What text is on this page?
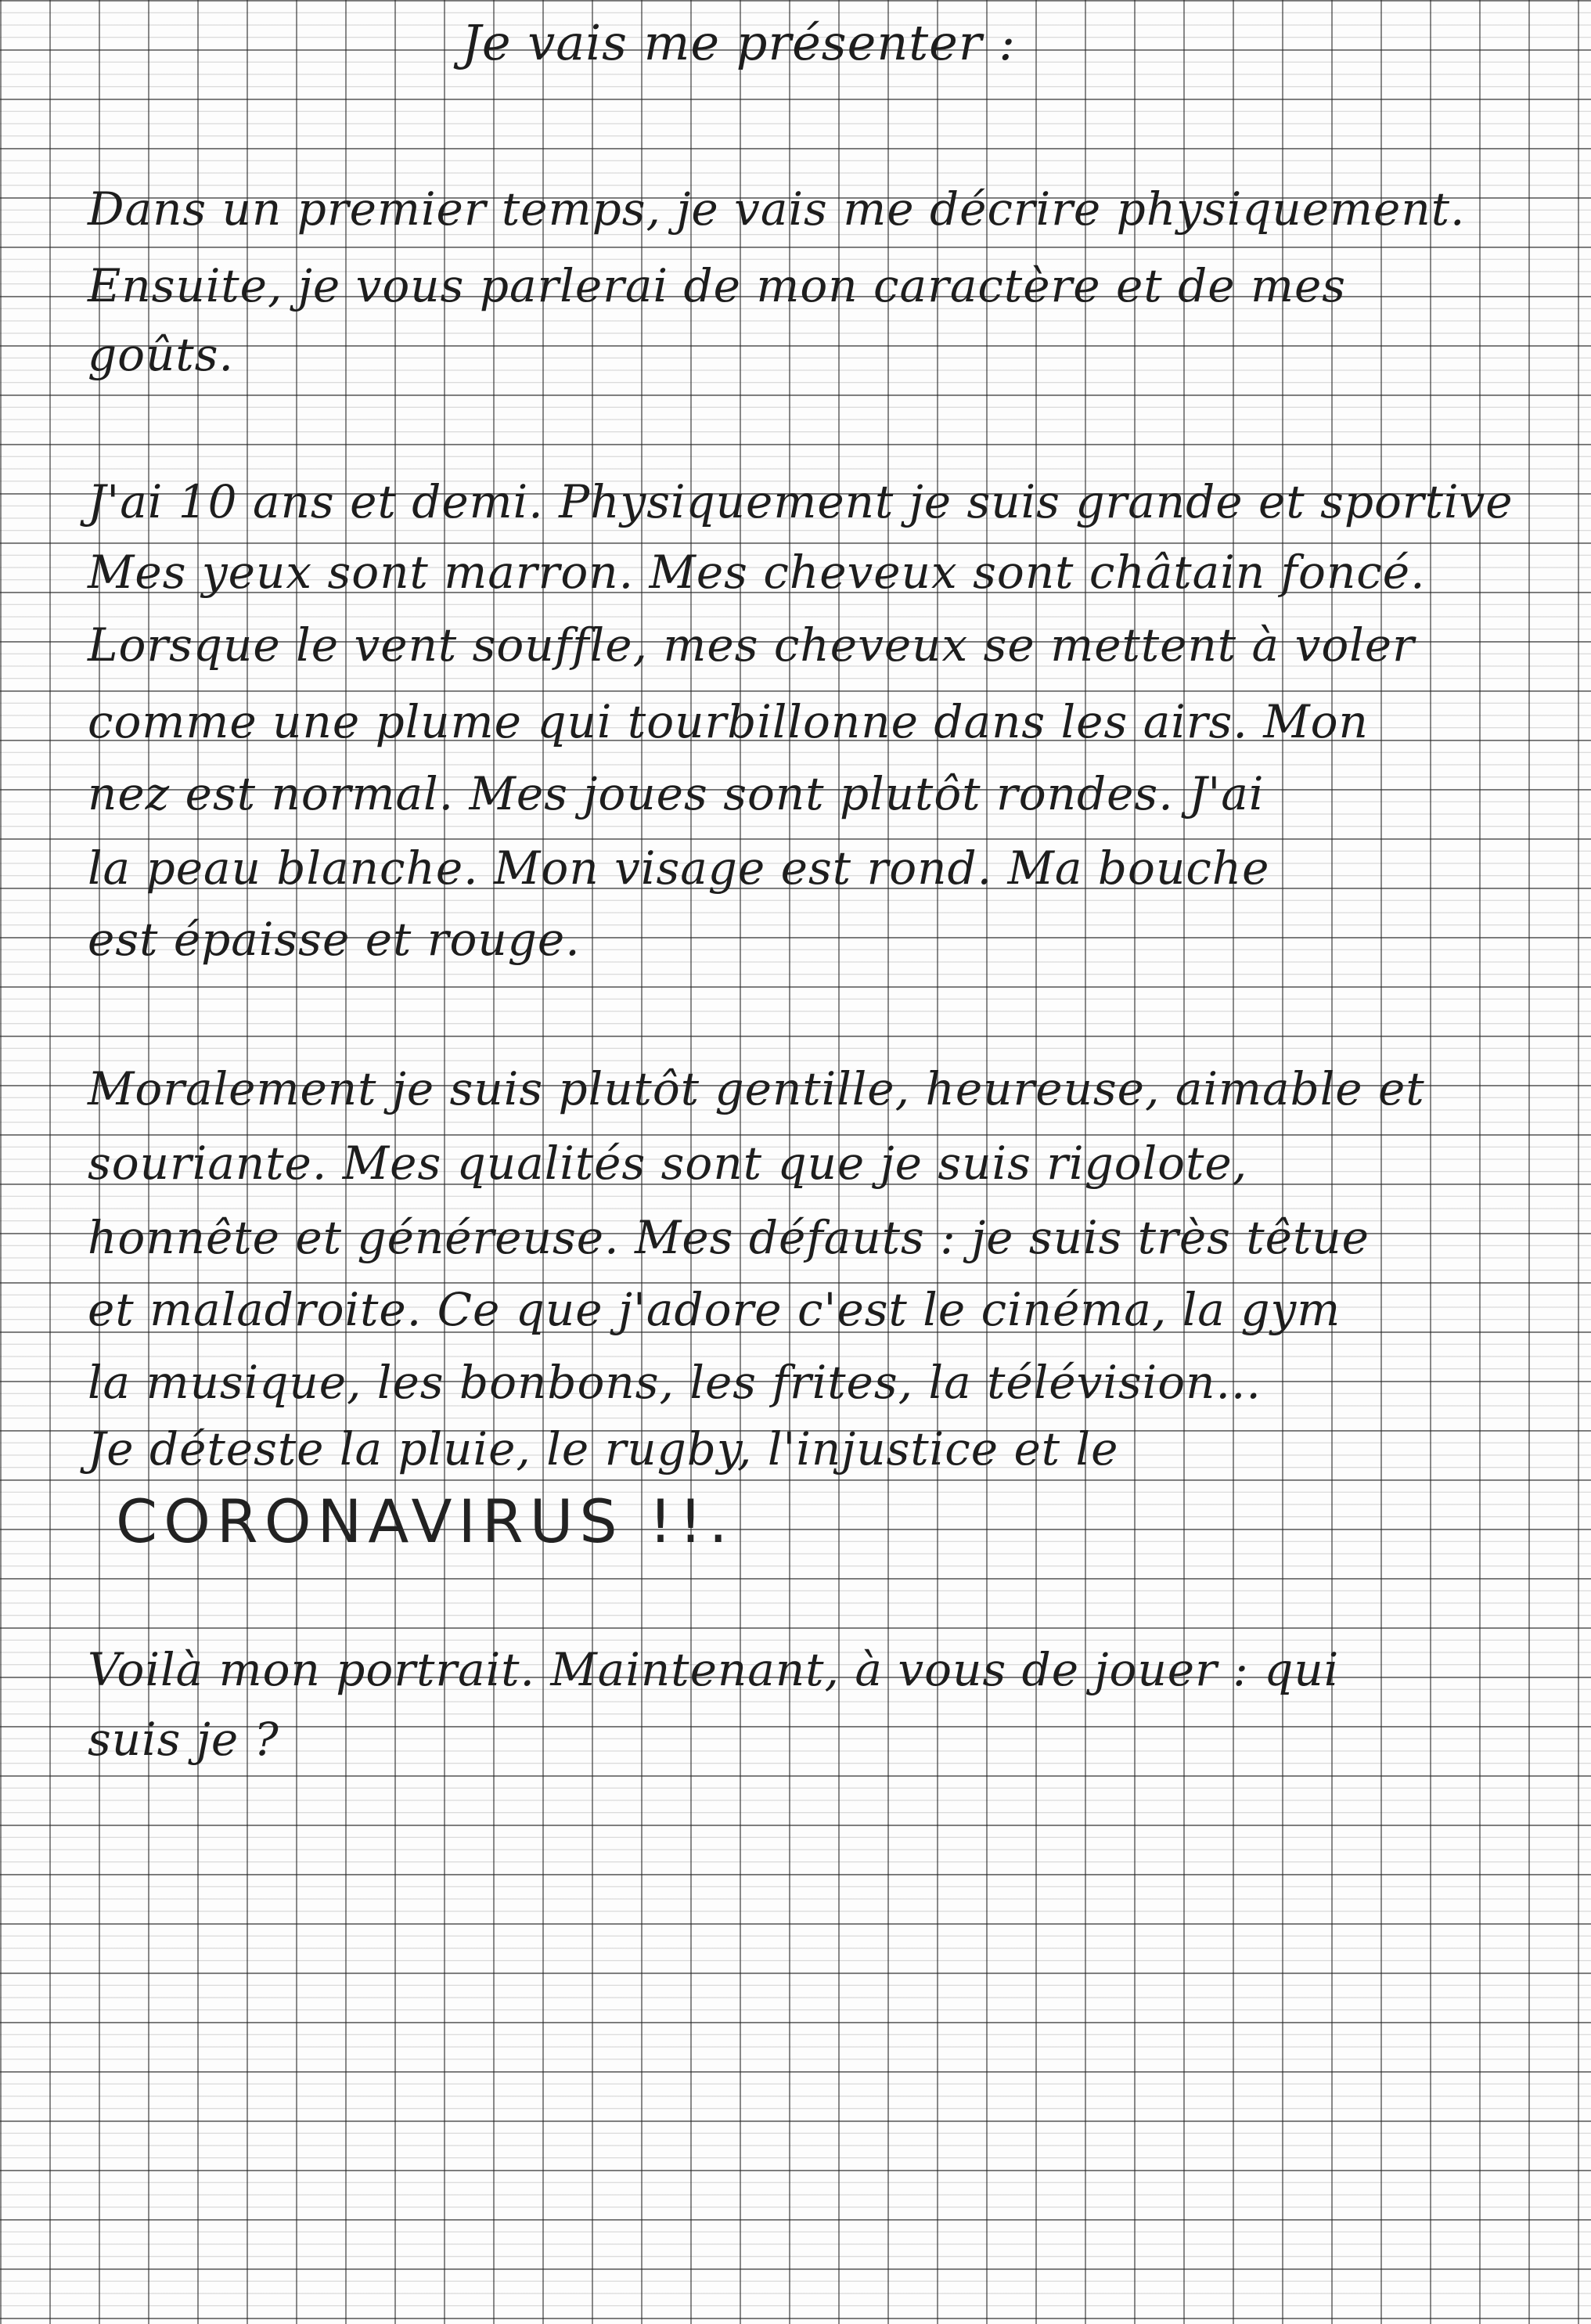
Je vais me présenter :
Dans un premier temps, je vais me décrire physiquement.
Ensuite, je vous parlerai de mon caractère et de mes
goûts.
J'ai 10 ans et demi. Physiquement je suis grande et sportive
Mes yeux sont marron. Mes cheveux sont châtain foncé.
Lorsque le vent souffle, mes cheveux se mettent à voler
comme une plume qui tourbillonne dans les airs. Mon
nez est normal. Mes joues sont plutôt rondes. J'ai
la peau blanche. Mon visage est rond. Ma bouche
est épaisse et rouge.
Moralement je suis plutôt gentille, heureuse, aimable et
souriante. Mes qualités sont que je suis rigolote,
honnête et généreuse. Mes défauts : je suis très têtue
et maladroite. Ce que j'adore c'est le cinéma, la gym
la musique, les bonbons, les frites, la télévision...
Je déteste la pluie, le rugby, l'injustice et le
CORONAVIRUS !!.
Voilà mon portrait. Maintenant, à vous de jouer : qui
suis je ?
